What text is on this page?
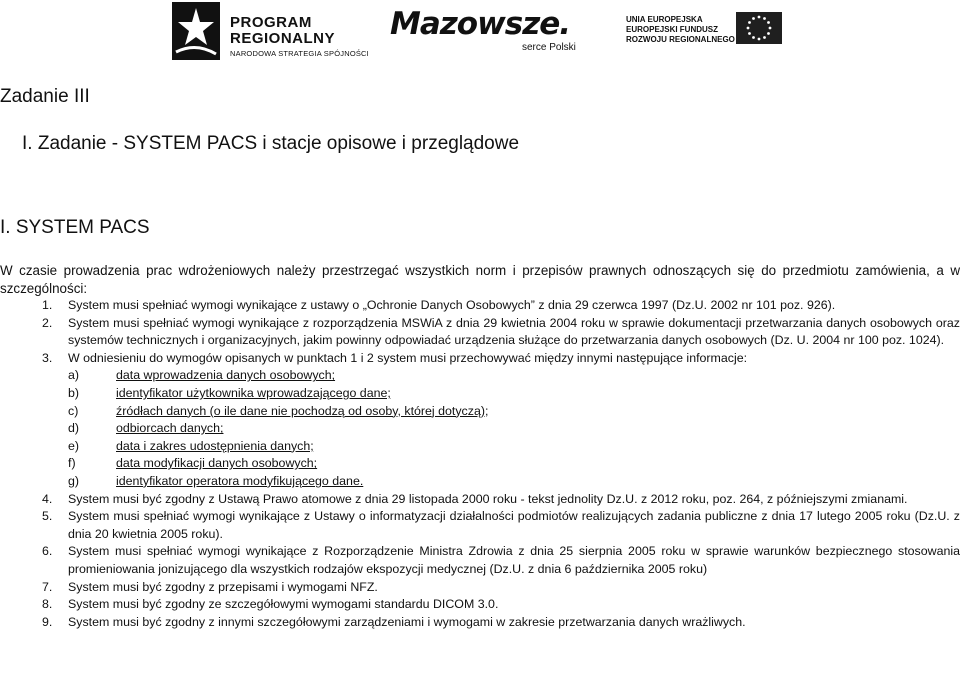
PROGRAM
REGIONALNY
NARODOWA STRATEGIA SPÓJNOŚCI
Mazowsze.
serce Polski
UNIA EUROPEJSKA
EUROPEJSKI FUNDUSZ
ROZWOJU REGIONALNEGO
Zadanie III
I. Zadanie - SYSTEM PACS i stacje opisowe i przeglądowe
I. SYSTEM PACS
W czasie prowadzenia prac wdrożeniowych należy przestrzegać wszystkich norm i przepisów prawnych odnoszących się do przedmiotu zamówienia, a w szczególności:
1. System musi spełniać wymogi wynikające z ustawy o „Ochronie Danych Osobowych” z dnia 29 czerwca 1997 (Dz.U. 2002 nr 101 poz. 926).
2. System musi spełniać wymogi wynikające z rozporządzenia MSWiA z dnia 29 kwietnia 2004 roku w sprawie dokumentacji przetwarzania danych osobowych oraz systemów technicznych i organizacyjnych, jakim powinny odpowiadać urządzenia służące do przetwarzania danych osobowych (Dz. U. 2004 nr 100 poz. 1024).
3. W odniesieniu do wymogów opisanych w punktach 1 i 2 system musi przechowywać między innymi następujące informacje:
a)	data wprowadzenia danych osobowych;
b)	identyfikator użytkownika wprowadzającego dane;
c)	źródłach danych (o ile dane nie pochodzą od osoby, której dotyczą);
d)	odbiorcach danych;
e)	data i zakres udostępnienia danych;
f)	data modyfikacji danych osobowych;
g)	identyfikator operatora modyfikującego dane.
4. System musi być zgodny z Ustawą Prawo atomowe z dnia 29 listopada 2000 roku - tekst jednolity Dz.U. z 2012 roku, poz. 264, z późniejszymi zmianami.
5. System musi spełniać wymogi wynikające z Ustawy o informatyzacji działalności podmiotów realizujących zadania publiczne z dnia 17 lutego 2005 roku (Dz.U. z dnia 20 kwietnia 2005 roku).
6. System musi spełniać wymogi wynikające z Rozporządzenie Ministra Zdrowia z dnia 25 sierpnia 2005 roku w sprawie warunków bezpiecznego stosowania promieniowania jonizującego dla wszystkich rodzajów ekspozycji medycznej (Dz.U. z dnia 6 października 2005 roku)
7. System musi być zgodny z przepisami i wymogami NFZ.
8. System musi być zgodny ze szczegółowymi wymogami standardu DICOM 3.0.
9. System musi być zgodny z innymi szczegółowymi zarządzeniami i wymogami w zakresie przetwarzania danych wrażliwych.
